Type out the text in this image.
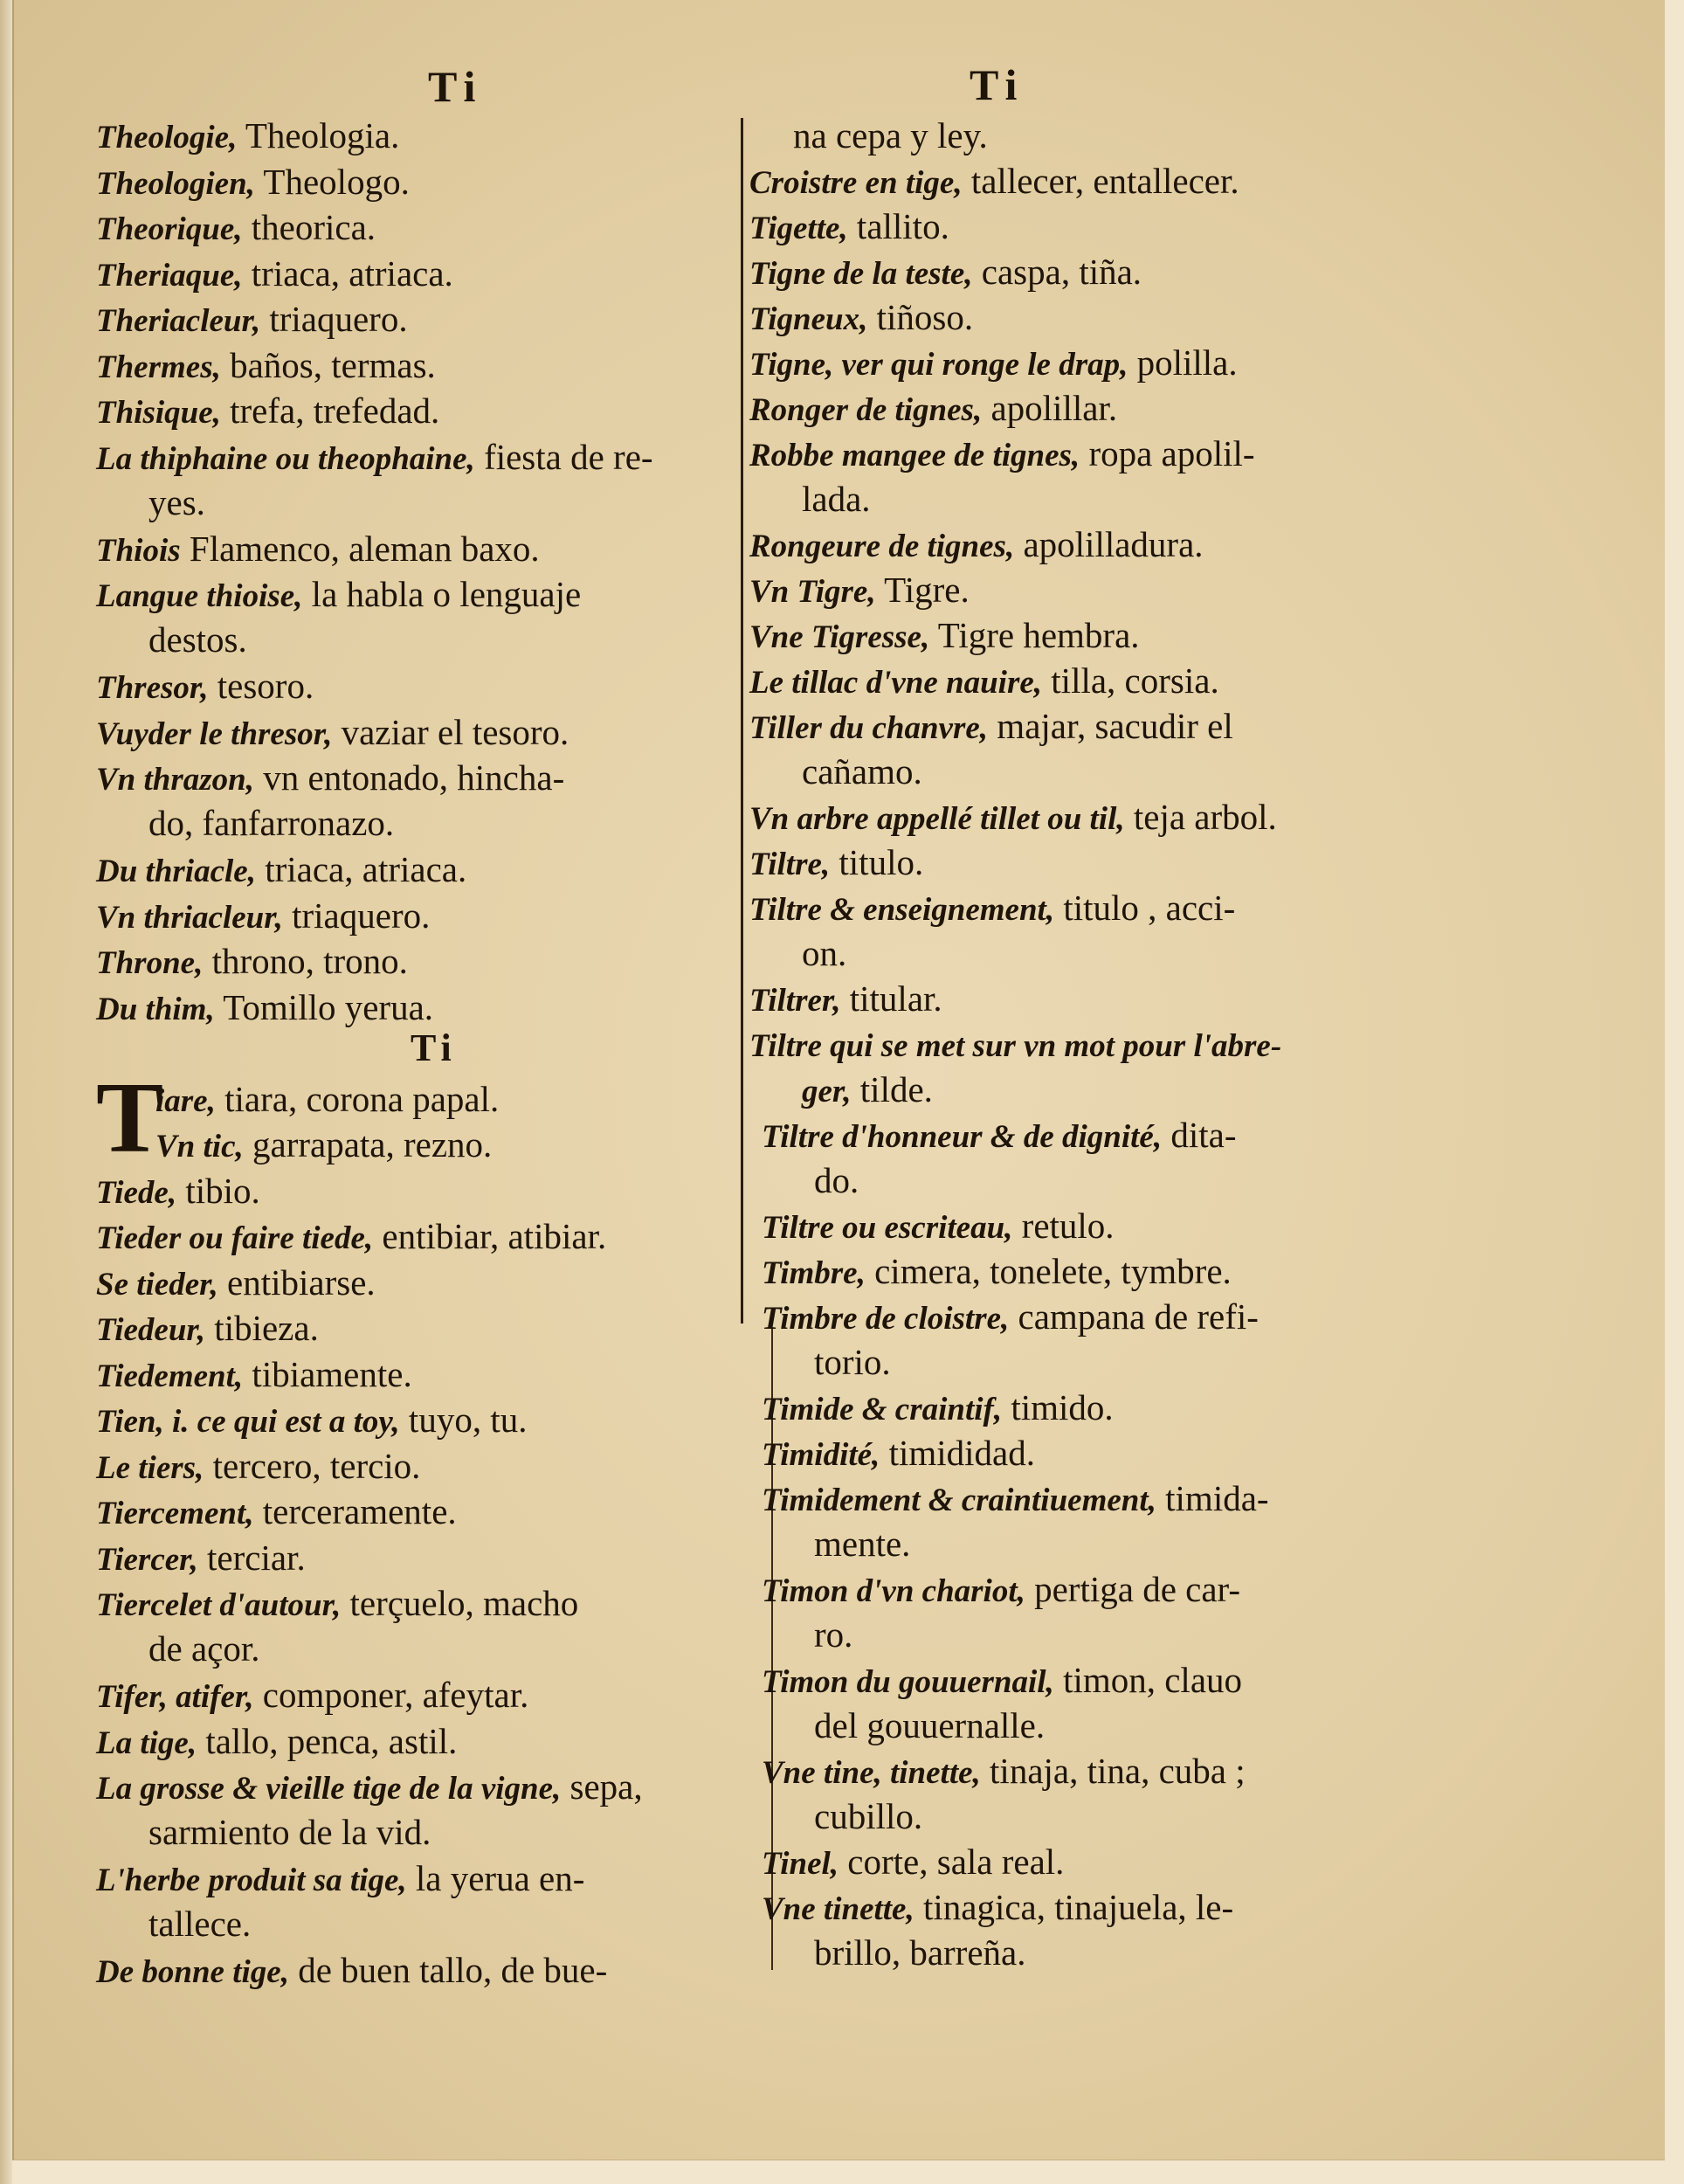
Ti	Ti
Theologie, Theologia.
Theologien, Theologo.
Theorique, theorica.
Theriaque, triaca, atriaca.
Theriacleur, triaquero.
Thermes, baños, termas.
Thisique, trefa, trefedad.
La thiphaine ou theophaine, fiesta de re-
yes.
Thiois Flamenco, aleman baxo.
Langue thioise, la habla o lenguaje
destos.
Thresor, tesoro.
Vuyder le thresor, vaziar el tesoro.
Vn thrazon, vn entonado, hincha-
do, fanfarronazo.
Du thriacle, triaca, atriaca.
Vn thriacleur, triaquero.
Throne, throno, trono.
Du thim, Tomillo yerua.
Ti
T
iare, tiara, corona papal.
Vn tic, garrapata, rezno.
Tiede, tibio.
Tieder ou faire tiede, entibiar, atibiar.
Se tieder, entibiarse.
Tiedeur, tibieza.
Tiedement, tibiamente.
Tien, i. ce qui est a toy, tuyo, tu.
Le tiers, tercero, tercio.
Tiercement, terceramente.
Tiercer, terciar.
Tiercelet d'autour, terçuelo, macho
de açor.
Tifer, atifer, componer, afeytar.
La tige, tallo, penca, astil.
La grosse & vieille tige de la vigne, sepa,
sarmiento de la vid.
L'herbe produit sa tige, la yerua en-
tallece.
De bonne tige, de buen tallo, de bue-
na cepa y ley.
Croistre en tige, tallecer, entallecer.
Tigette, tallito.
Tigne de la teste, caspa, tiña.
Tigneux, tiñoso.
Tigne, ver qui ronge le drap, polilla.
Ronger de tignes, apolillar.
Robbe mangee de tignes, ropa apolil-
lada.
Rongeure de tignes, apolilladura.
Vn Tigre, Tigre.
Vne Tigresse, Tigre hembra.
Le tillac d'vne nauire, tilla, corsia.
Tiller du chanvre, majar, sacudir el
cañamo.
Vn arbre appellé tillet ou til, teja arbol.
Tiltre, titulo.
Tiltre & enseignement, titulo , acci-
on.
Tiltrer, titular.
Tiltre qui se met sur vn mot pour l'abre-
ger, tilde.
Tiltre d'honneur & de dignité, dita-
do.
Tiltre ou escriteau, retulo.
Timbre, cimera, tonelete, tymbre.
Timbre de cloistre, campana de refi-
torio.
Timide & craintif, timido.
Timidité, timididad.
Timidement & craintiuement, timida-
mente.
Timon d'vn chariot, pertiga de car-
ro.
Timon du gouuernail, timon, clauo
del gouuernalle.
Vne tine, tinette, tinaja, tina, cuba ;
cubillo.
Tinel, corte, sala real.
Vne tinette, tinagica, tinajuela, le-
brillo, barreña.
